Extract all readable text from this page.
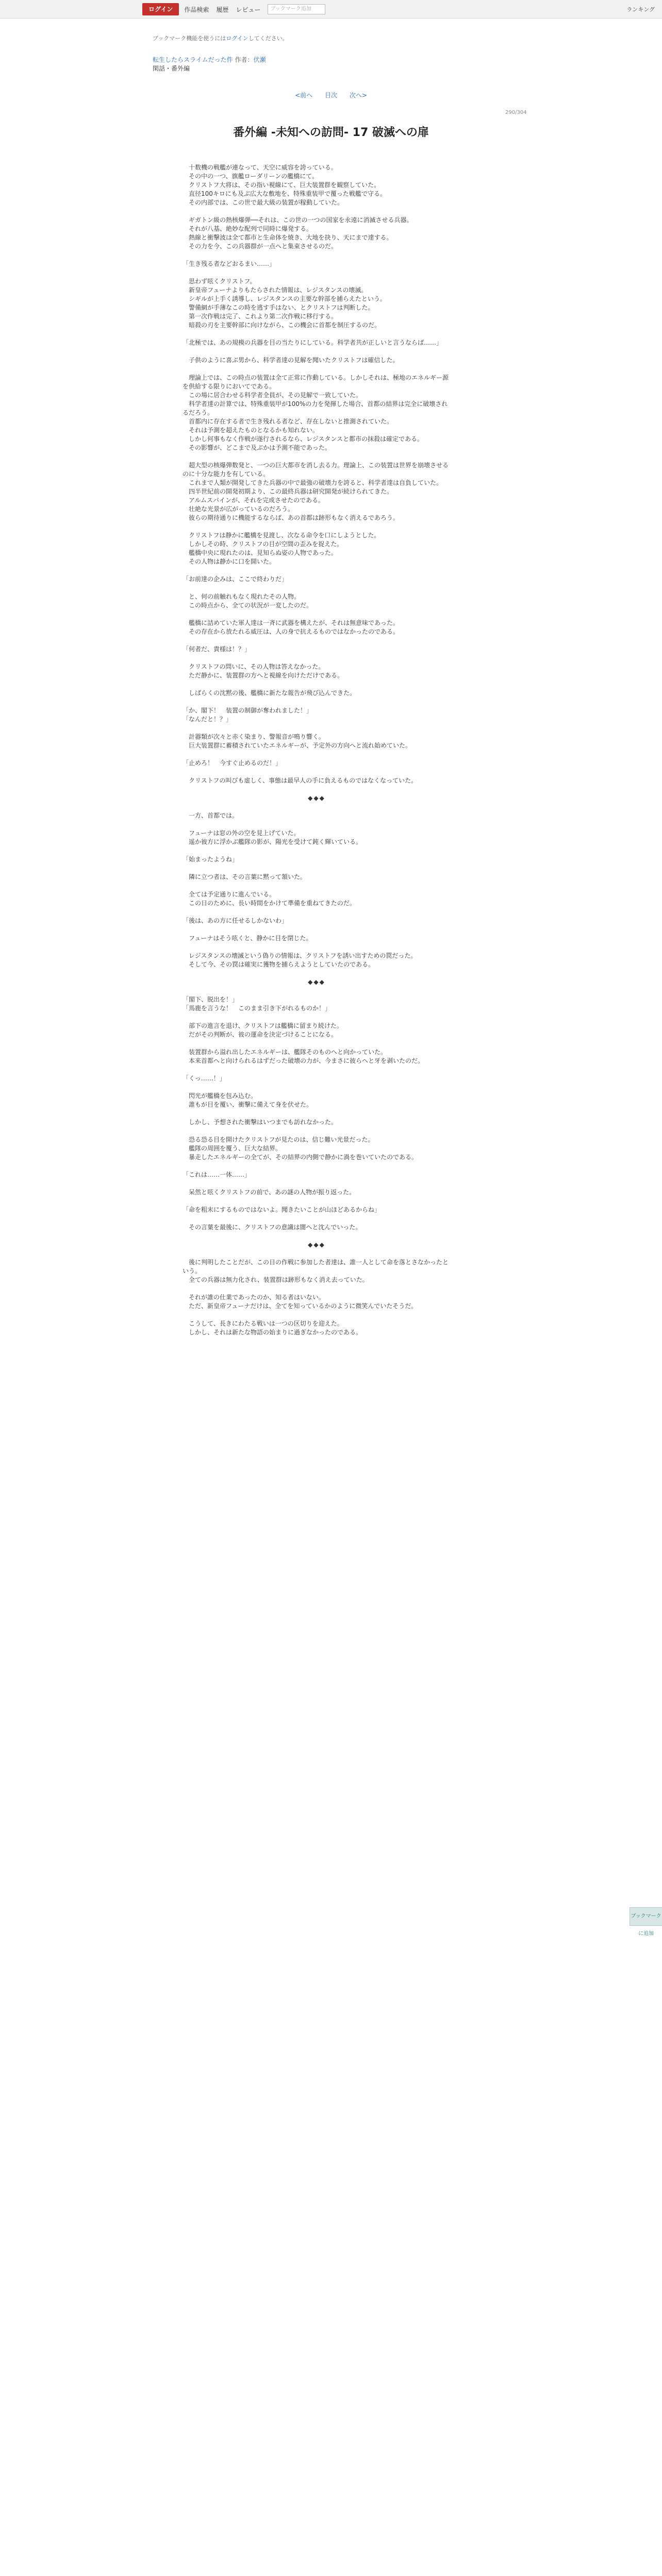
ログイン	作品検索 履歴 レビュー	ブックマーク追加	ランキング
ブックマーク機能を使うにはログインしてください。
転生したらスライムだった件 作者：伏瀬
閑話・番外編
<前へ 目次 次へ>
290/304
番外編 -未知への訪問- 17 破滅への扉

　十数機の戦艦が連なって、天空に威容を誇っている。

　その中の一つ、旗艦ローダリーンの艦橋にて。

　クリストフ大将は、その指い視線にて、巨大装置群を観察していた。

　直径100キロにも及ぶ広大な敷地を、特殊重装甲で覆った戦艦で守る。

　その内部では、この世で最大級の装置が稼動していた。

　ギガトン級の熱核爆弾──それは、この世の一つの国家を永遠に消滅させる兵器。

　それが八基、絶妙な配列で同時に爆発する。

　熱線と衝撃波は全て都市と生命体を焼き、大地を抉り、天にまで達する。

　その力を今、この兵器群が一点へと集束させるのだ。

「生き残る者などおるまい……」

　思わず呟くクリストフ。

　新皇帝フューナよりもたらされた情報は、レジスタンスの壊滅。

　シギルが上手く誘導し、レジスタンスの主要な幹部を捕らえたという。

　警備網が手薄なこの時を逃す手はない、とクリストフは判断した。

　第一次作戦は完了、これより第二次作戦に移行する。

　暗殺の刃を主要幹部に向けながら、この機会に首都を制圧するのだ。

「北極では、あの規模の兵器を目の当たりにしている。科学者共が正しいと言うならば……」

　子供のように喜ぶ男から、科学者達の見解を聞いたクリストフは確信した。

　理論上では、この時点の装置は全て正常に作動している。しかしそれは、極地のエネルギー源を供給する限りにおいてである。

　この場に居合わせる科学者全員が、その見解で一致していた。

　科学者達の計算では、特殊重装甲が100%の力を発揮した場合、首都の結界は完全に破壊されるだろう。

　首都内に存在する者で生き残れる者など、存在しないと推測されていた。

　それは予測を超えたものとなるかも知れない。

　しかし何事もなく作戦が遂行されるなら、レジスタンスと都市の抹殺は確定である。

　その影響が、どこまで及ぶかは予測不能であった。

　超大型の核爆弾数発と、一つの巨大都市を消し去る力。理論上、この装置は世界を崩壊させるのに十分な能力を有している。

　これまで人類が開発してきた兵器の中で最強の破壊力を誇ると、科学者達は自負していた。

　四半世紀前の開発初期より、この最終兵器は研究開発が続けられてきた。

　アルムスパインが、それを完成させたのである。

　壮絶な光景が広がっているのだろう。

　彼らの期待通りに機能するならば、あの首都は跡形もなく消えるであろう。

　クリストフは静かに艦橋を見渡し、次なる命令を口にしようとした。

　しかしその時、クリストフの目が空間の歪みを捉えた。

　艦橋中央に現れたのは、見知らぬ姿の人物であった。

　その人物は静かに口を開いた。

「お前達の企みは、ここで終わりだ」

　と、何の前触れもなく現れたその人物。

　この時点から、全ての状況が一変したのだ。

　艦橋に詰めていた軍人達は一斉に武器を構えたが、それは無意味であった。

　その存在から放たれる威圧は、人の身で抗えるものではなかったのである。

「何者だ、貴様は！？」

　クリストフの問いに、その人物は答えなかった。

　ただ静かに、装置群の方へと視線を向けただけである。

　しばらくの沈黙の後、艦橋に新たな報告が飛び込んできた。

「か、閣下！　装置の制御が奪われました！」

「なんだと！？」

　計器類が次々と赤く染まり、警報音が鳴り響く。

　巨大装置群に蓄積されていたエネルギーが、予定外の方向へと流れ始めていた。

「止めろ！　今すぐ止めるのだ！」

　クリストフの叫びも虚しく、事態は最早人の手に負えるものではなくなっていた。

◆◆◆

　一方、首都では。

　フューナは窓の外の空を見上げていた。

　遥か彼方に浮かぶ艦隊の影が、陽光を受けて鈍く輝いている。

「始まったようね」

　隣に立つ者は、その言葉に黙って頷いた。

　全ては予定通りに進んでいる。

　この日のために、長い時間をかけて準備を重ねてきたのだ。

「後は、あの方に任せるしかないわ」

　フューナはそう呟くと、静かに目を閉じた。

　レジスタンスの壊滅という偽りの情報は、クリストフを誘い出すための罠だった。

　そして今、その罠は確実に獲物を捕らえようとしていたのである。

◆◆◆

「閣下、脱出を！」

「馬鹿を言うな！　このまま引き下がれるものか！」

　部下の進言を退け、クリストフは艦橋に留まり続けた。

　だがその判断が、彼の運命を決定づけることになる。

　装置群から溢れ出したエネルギーは、艦隊そのものへと向かっていた。

　本来首都へと向けられるはずだった破壊の力が、今まさに彼らへと牙を剥いたのだ。

「くっ……！」

　閃光が艦橋を包み込む。

　誰もが目を覆い、衝撃に備えて身を伏せた。

　しかし、予想された衝撃はいつまでも訪れなかった。

　恐る恐る目を開けたクリストフが見たのは、信じ難い光景だった。

　艦隊の周囲を覆う、巨大な結界。

　暴走したエネルギーの全てが、その結界の内側で静かに渦を巻いていたのである。

「これは……一体……」

　呆然と呟くクリストフの前で、あの謎の人物が振り返った。

「命を粗末にするものではないよ。聞きたいことが山ほどあるからね」

　その言葉を最後に、クリストフの意識は闇へと沈んでいった。

◆◆◆

　後に判明したことだが、この日の作戦に参加した者達は、誰一人として命を落とさなかったという。

　全ての兵器は無力化され、装置群は跡形もなく消え去っていた。

　それが誰の仕業であったのか、知る者はいない。

　ただ、新皇帝フューナだけは、全てを知っているかのように微笑んでいたそうだ。

　こうして、長きにわたる戦いは一つの区切りを迎えた。

　しかし、それは新たな物語の始まりに過ぎなかったのである。

ブックマークに追加
